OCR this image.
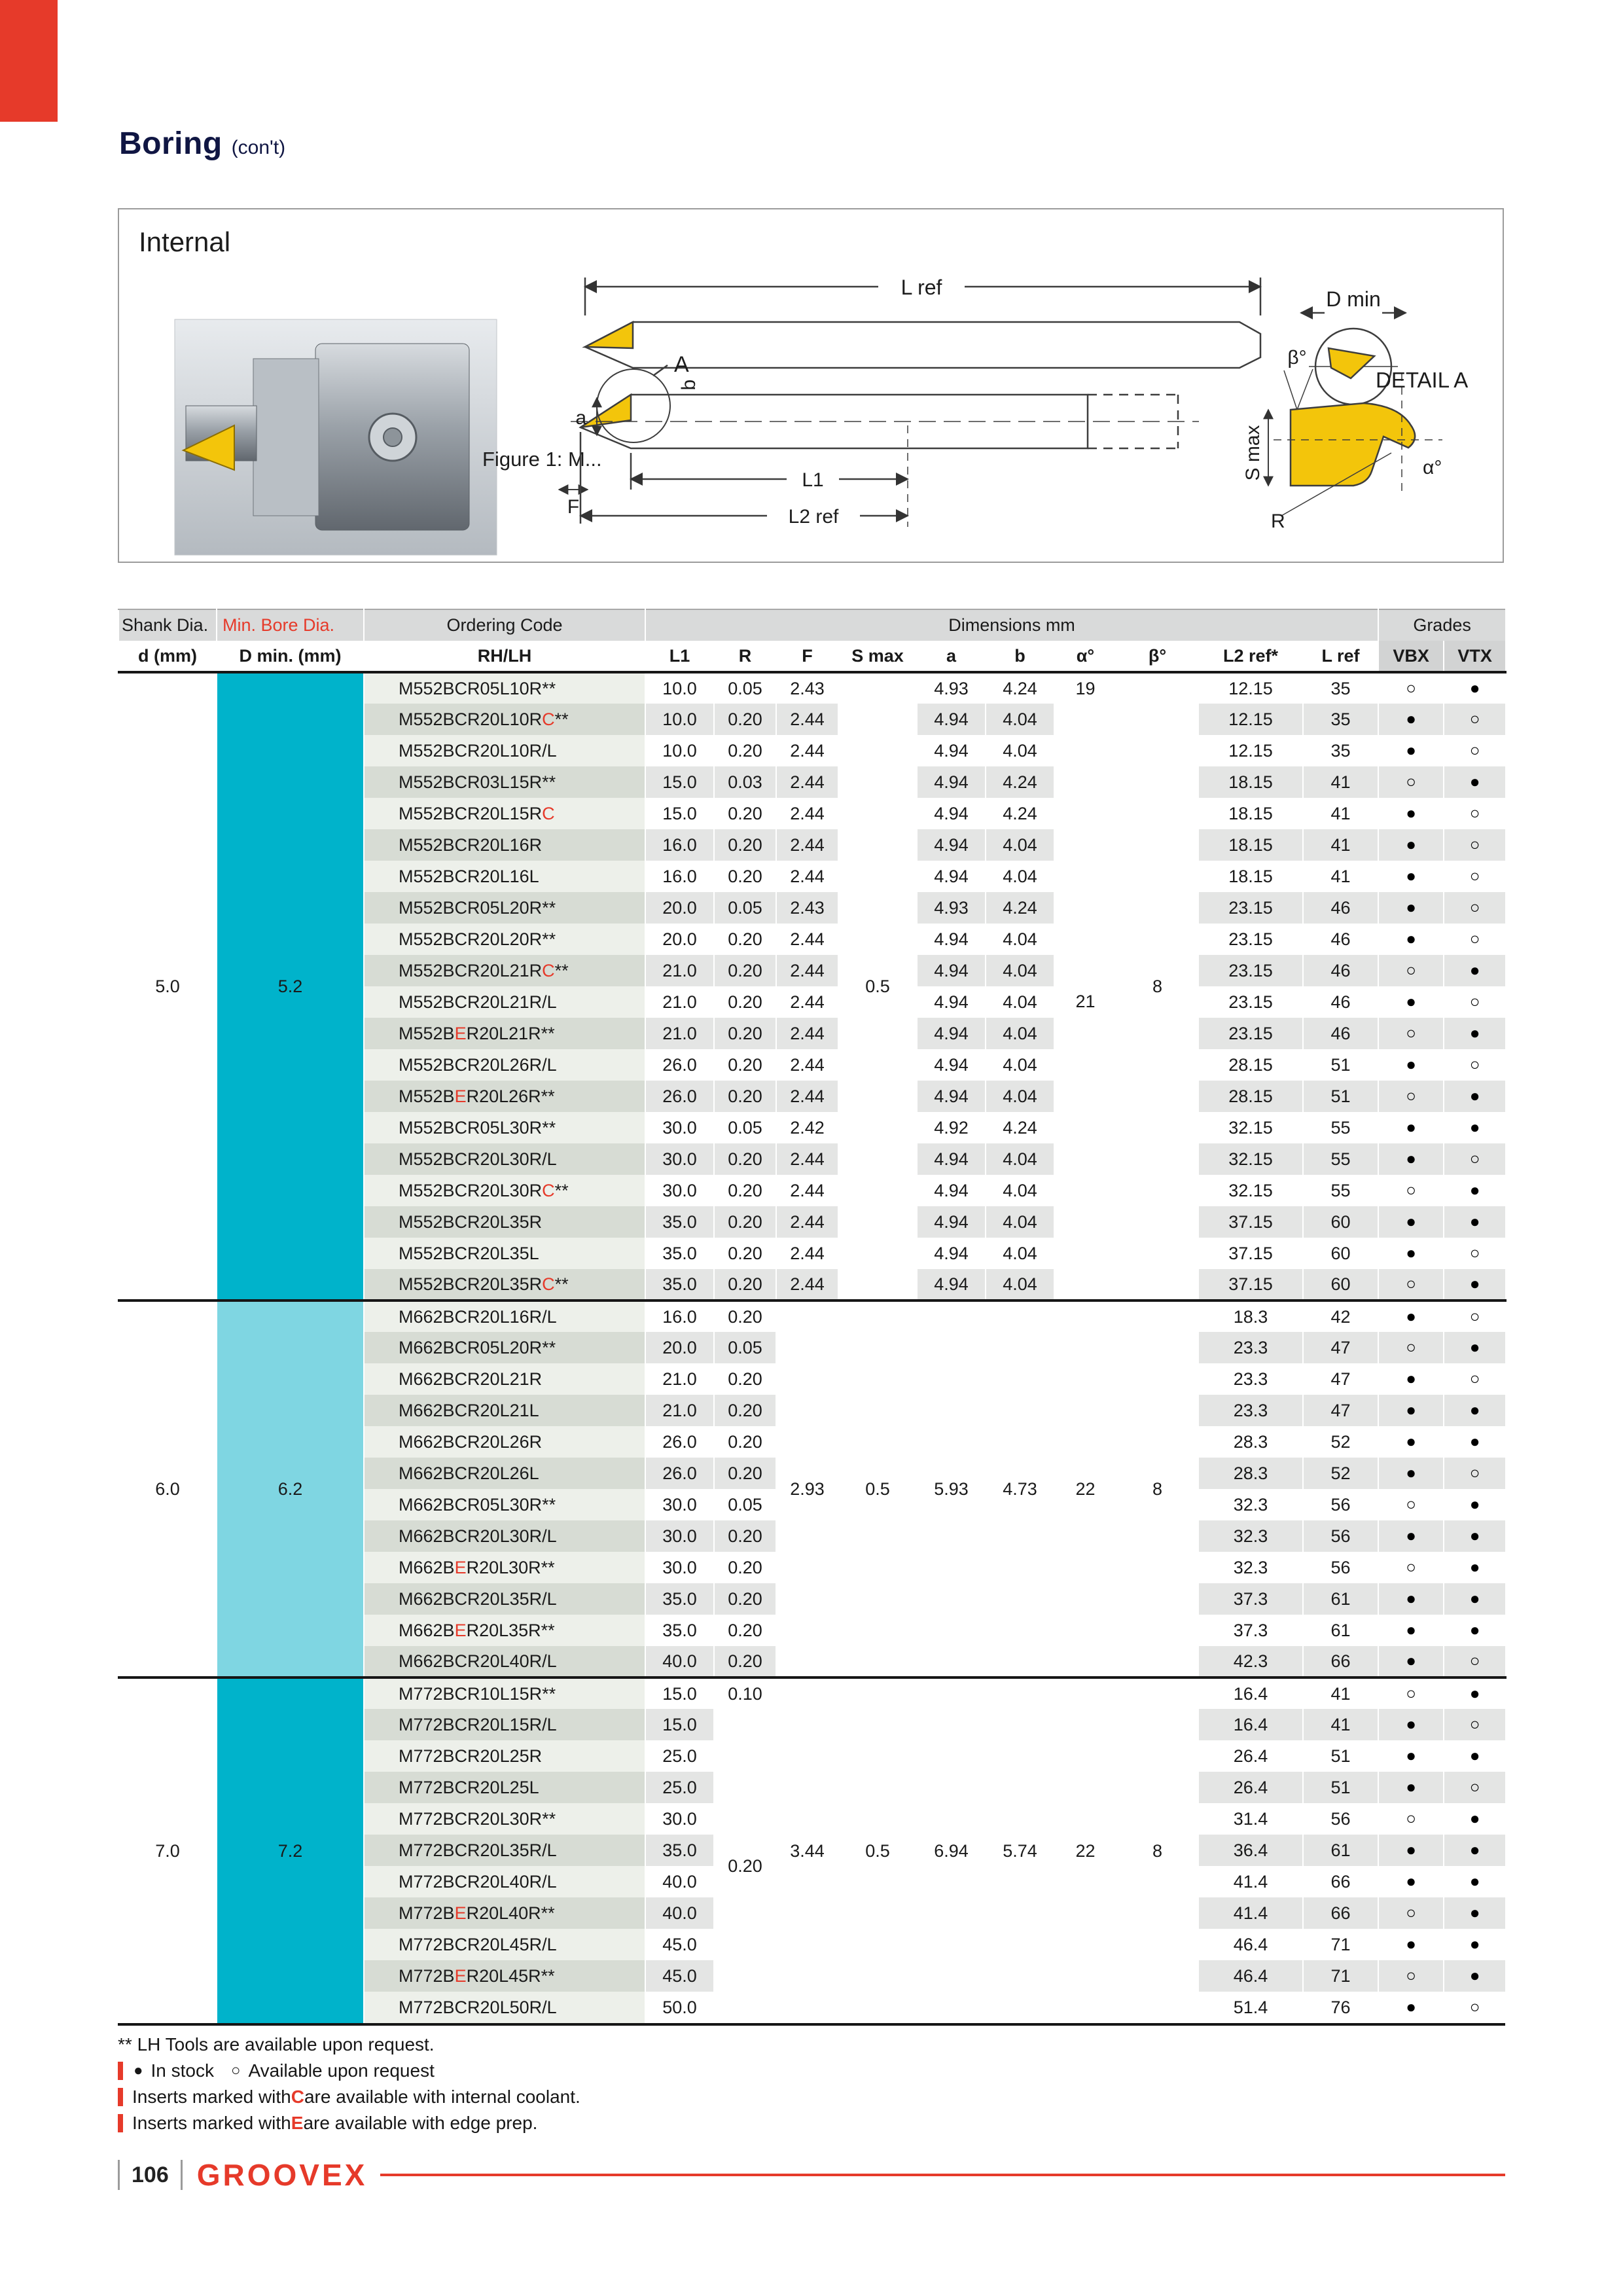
Boring (con't)
Internal
Figure 1: M...
L ref
A
b
a
F
L1
L2 ref
D min
β°
DETAIL A
S max	α°
R
Shank Dia.	Min. Bore Dia.	Ordering Code	Dimensions mm										Grades	
d (mm)	D min. (mm)	RH/LH	L1	R	F	S max	a	b	α°	β°	L2 ref*	L ref	VBX	VTX
5.0	5.2	M552BCR05L10R**	10.0	0.05	2.43	0.5	4.93	4.24	19	8	12.15	35	○	●
		M552BCR20L10RC**	10.0	0.20	2.44		4.94	4.04	21		12.15	35	●	○
		M552BCR20L10R/L	10.0	0.20	2.44		4.94	4.04			12.15	35	●	○
		M552BCR03L15R**	15.0	0.03	2.44		4.94	4.24			18.15	41	○	●
		M552BCR20L15RC	15.0	0.20	2.44		4.94	4.24			18.15	41	●	○
		M552BCR20L16R	16.0	0.20	2.44		4.94	4.04			18.15	41	●	○
		M552BCR20L16L	16.0	0.20	2.44		4.94	4.04			18.15	41	●	○
		M552BCR05L20R**	20.0	0.05	2.43		4.93	4.24			23.15	46	●	○
		M552BCR20L20R**	20.0	0.20	2.44		4.94	4.04			23.15	46	●	○
		M552BCR20L21RC**	21.0	0.20	2.44		4.94	4.04			23.15	46	○	●
		M552BCR20L21R/L	21.0	0.20	2.44		4.94	4.04			23.15	46	●	○
		M552BER20L21R**	21.0	0.20	2.44		4.94	4.04			23.15	46	○	●
		M552BCR20L26R/L	26.0	0.20	2.44		4.94	4.04			28.15	51	●	○
		M552BER20L26R**	26.0	0.20	2.44		4.94	4.04			28.15	51	○	●
		M552BCR05L30R**	30.0	0.05	2.42		4.92	4.24			32.15	55	●	●
		M552BCR20L30R/L	30.0	0.20	2.44		4.94	4.04			32.15	55	●	○
		M552BCR20L30RC**	30.0	0.20	2.44		4.94	4.04			32.15	55	○	●
		M552BCR20L35R	35.0	0.20	2.44		4.94	4.04			37.15	60	●	●
		M552BCR20L35L	35.0	0.20	2.44		4.94	4.04			37.15	60	●	○
		M552BCR20L35RC**	35.0	0.20	2.44		4.94	4.04			37.15	60	○	●
6.0	6.2	M662BCR20L16R/L	16.0	0.20	2.93	0.5	5.93	4.73	22	8	18.3	42	●	○
		M662BCR05L20R**	20.0	0.05							23.3	47	○	●
		M662BCR20L21R	21.0	0.20							23.3	47	●	○
		M662BCR20L21L	21.0	0.20							23.3	47	●	●
		M662BCR20L26R	26.0	0.20							28.3	52	●	●
		M662BCR20L26L	26.0	0.20							28.3	52	●	○
		M662BCR05L30R**	30.0	0.05							32.3	56	○	●
		M662BCR20L30R/L	30.0	0.20							32.3	56	●	●
		M662BER20L30R**	30.0	0.20							32.3	56	○	●
		M662BCR20L35R/L	35.0	0.20							37.3	61	●	●
		M662BER20L35R**	35.0	0.20							37.3	61	●	●
		M662BCR20L40R/L	40.0	0.20							42.3	66	●	○
7.0	7.2	M772BCR10L15R**	15.0	0.10	3.44	0.5	6.94	5.74	22	8	16.4	41	○	●
		M772BCR20L15R/L	15.0	0.20							16.4	41	●	○
		M772BCR20L25R	25.0								26.4	51	●	●
		M772BCR20L25L	25.0								26.4	51	●	○
		M772BCR20L30R**	30.0								31.4	56	○	●
		M772BCR20L35R/L	35.0								36.4	61	●	●
		M772BCR20L40R/L	40.0								41.4	66	●	●
		M772BER20L40R**	40.0								41.4	66	○	●
		M772BCR20L45R/L	45.0								46.4	71	●	●
		M772BER20L45R**	45.0								46.4	71	○	●
		M772BCR20L50R/L	50.0								51.4	76	●	○
** LH Tools are available upon request.
● In stock ○ Available upon request
Inserts marked with C are available with internal coolant.
Inserts marked with E are available with edge prep.
106 GROOVEX
